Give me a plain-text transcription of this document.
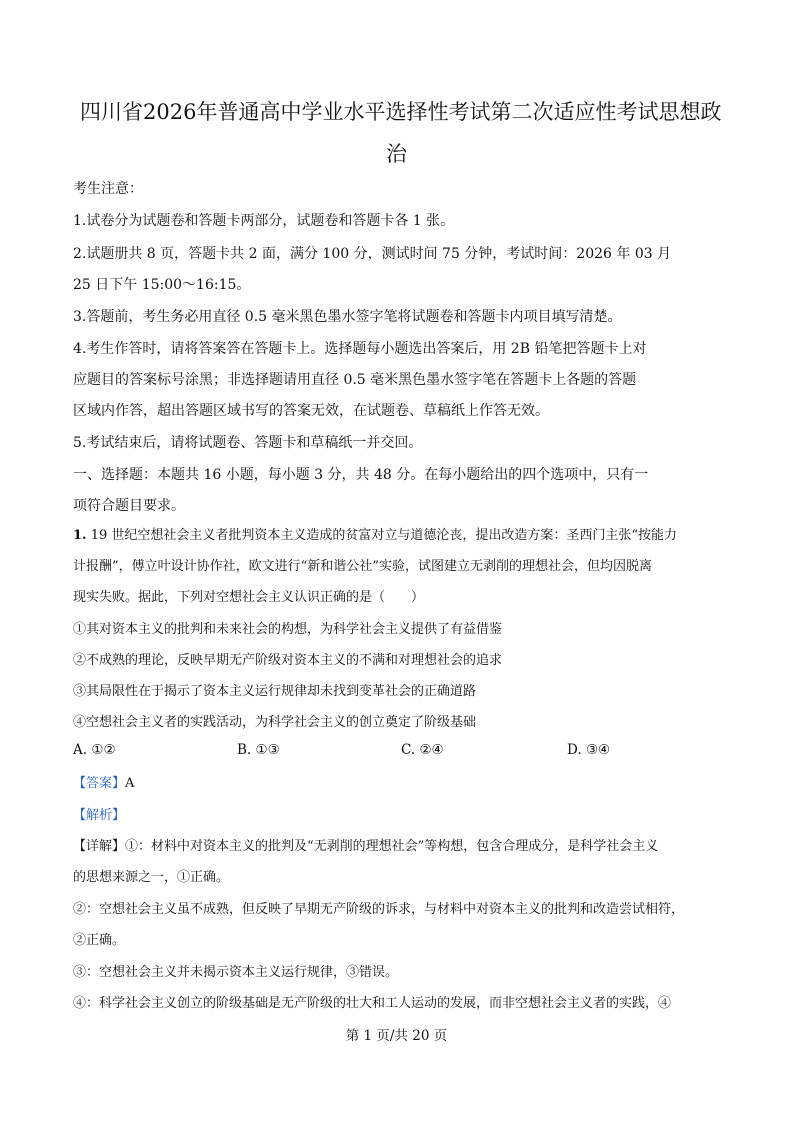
四川省2026年普通高中学业水平选择性考试第二次适应性考试思想政
治
考生注意：
1.试卷分为试题卷和答题卡两部分，试题卷和答题卡各 1 张。
2.试题册共 8 页，答题卡共 2 面，满分 100 分，测试时间 75 分钟，考试时间：2026 年 03 月
25 日下午 15:00～16:15。
3.答题前，考生务必用直径 0.5 毫米黑色墨水签字笔将试题卷和答题卡内项目填写清楚。
4.考生作答时，请将答案答在答题卡上。选择题每小题选出答案后，用 2B 铅笔把答题卡上对
应题目的答案标号涂黑；非选择题请用直径 0.5 毫米黑色墨水签字笔在答题卡上各题的答题
区域内作答，超出答题区域书写的答案无效，在试题卷、草稿纸上作答无效。
5.考试结束后，请将试题卷、答题卡和草稿纸一并交回。
一、选择题：本题共 16 小题，每小题 3 分，共 48 分。在每小题给出的四个选项中，只有一
项符合题目要求。
1. 19 世纪空想社会主义者批判资本主义造成的贫富对立与道德沦丧，提出改造方案：圣西门主张“按能力
计报酬”，傅立叶设计协作社，欧文进行“新和谐公社”实验，试图建立无剥削的理想社会，但均因脱离
现实失败。据此，下列对空想社会主义认识正确的是（　　）
①其对资本主义的批判和未来社会的构想，为科学社会主义提供了有益借鉴
②不成熟的理论，反映早期无产阶级对资本主义的不满和对理想社会的追求
③其局限性在于揭示了资本主义运行规律却未找到变革社会的正确道路
④空想社会主义者的实践活动，为科学社会主义的创立奠定了阶级基础
A. ①②	B. ①③	C. ②④	D. ③④
【答案】A
【解析】
【详解】①：材料中对资本主义的批判及“无剥削的理想社会”等构想，包含合理成分，是科学社会主义
的思想来源之一，①正确。
②：空想社会主义虽不成熟，但反映了早期无产阶级的诉求，与材料中对资本主义的批判和改造尝试相符，
②正确。
③：空想社会主义并未揭示资本主义运行规律，③错误。
④：科学社会主义创立的阶级基础是无产阶级的壮大和工人运动的发展，而非空想社会主义者的实践，④
第 1 页/共 20 页
